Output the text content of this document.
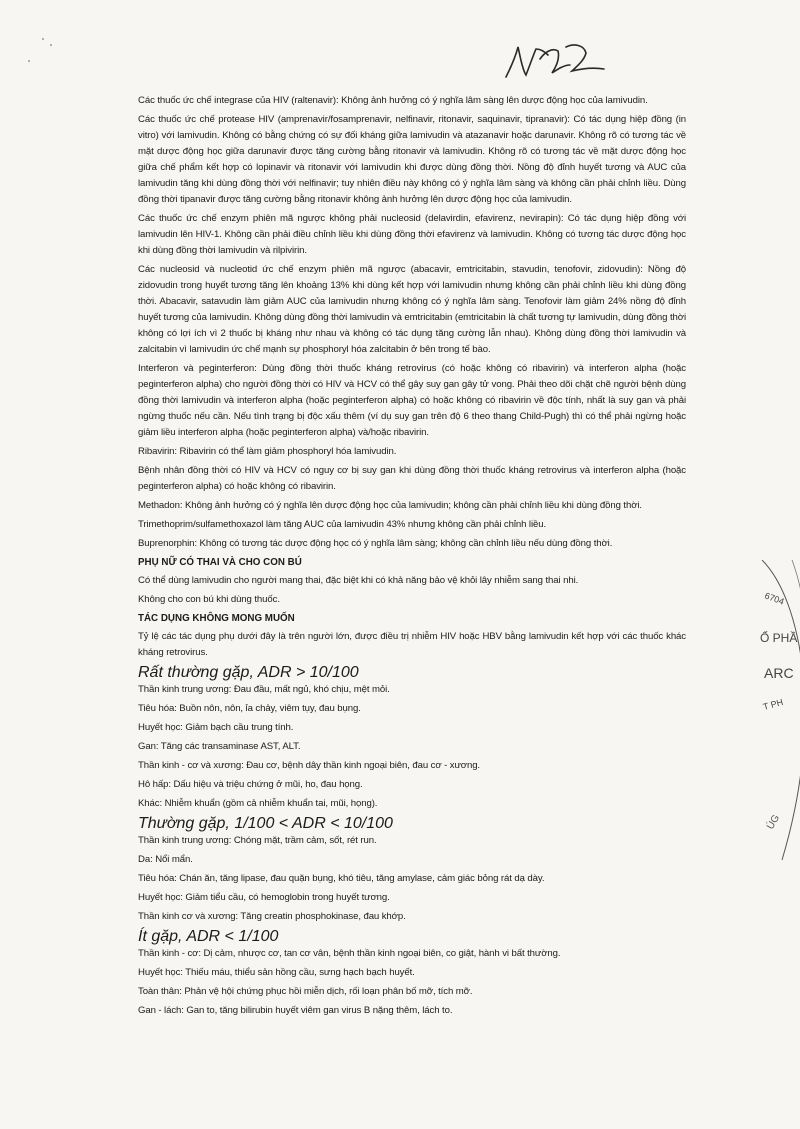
6704
Ổ PHẦ
ARC
T PH
ÚG
Các thuốc ức chế integrase của HIV (raltenavir): Không ảnh hưởng có ý nghĩa lâm sàng lên dược động học của lamivudin.
Các thuốc ức chế protease HIV (amprenavir/fosamprenavir, nelfinavir, ritonavir, saquinavir, tipranavir): Có tác dụng hiệp đồng (in vitro) với lamivudin. Không có bằng chứng có sự đối kháng giữa lamivudin và atazanavir hoặc darunavir. Không rõ có tương tác về mặt dược động học giữa darunavir được tăng cường bằng ritonavir và lamivudin. Không rõ có tương tác về mặt dược động học giữa chế phẩm kết hợp có lopinavir và ritonavir với lamivudin khi được dùng đồng thời. Nồng độ đỉnh huyết tương và AUC của lamivudin tăng khi dùng đồng thời với nelfinavir; tuy nhiên điều này không có ý nghĩa lâm sàng và không cần phải chỉnh liều. Dùng đồng thời tipanavir được tăng cường bằng ritonavir không ảnh hưởng lên dược động học của lamivudin.
Các thuốc ức chế enzym phiên mã ngược không phải nucleosid (delavirdin, efavirenz, nevirapin): Có tác dụng hiệp đồng với lamivudin lên HIV-1. Không cần phải điều chỉnh liều khi dùng đồng thời efavirenz và lamivudin. Không có tương tác dược động học khi dùng đồng thời lamivudin và rilpivirin.
Các nucleosid và nucleotid ức chế enzym phiên mã ngược (abacavir, emtricitabin, stavudin, tenofovir, zidovudin): Nồng độ zidovudin trong huyết tương tăng lên khoảng 13% khi dùng kết hợp với lamivudin nhưng không cần phải chỉnh liều khi dùng đồng thời. Abacavir, satavudin làm giảm AUC của lamivudin nhưng không có ý nghĩa lâm sàng. Tenofovir làm giảm 24% nồng độ đỉnh huyết tương của lamivudin. Không dùng đồng thời lamivudin và emtricitabin (emtricitabin là chất tương tự lamivudin, dùng đồng thời không có lợi ích vì 2 thuốc bị kháng như nhau và không có tác dụng tăng cường lẫn nhau). Không dùng đồng thời lamivudin và zalcitabin vì lamivudin ức chế mạnh sự phosphoryl hóa zalcitabin ở bên trong tế bào.
Interferon và peginterferon: Dùng đồng thời thuốc kháng retrovirus (có hoặc không có ribavirin) và interferon alpha (hoặc peginterferon alpha) cho người đồng thời có HIV và HCV có thể gây suy gan gây tử vong. Phải theo dõi chặt chẽ người bệnh dùng đồng thời lamivudin và interferon alpha (hoặc peginterferon alpha) có hoặc không có ribavirin về độc tính, nhất là suy gan và phải ngừng thuốc nếu cần. Nếu tình trạng bị độc xấu thêm (ví dụ suy gan trên độ 6 theo thang Child-Pugh) thì có thể phải ngừng hoặc giảm liều interferon alpha (hoặc peginterferon alpha) và/hoặc ribavirin.
Ribavirin: Ribavirin có thể làm giảm phosphoryl hóa lamivudin.
Bệnh nhân đồng thời có HIV và HCV có nguy cơ bị suy gan khi dùng đồng thời thuốc kháng retrovirus và interferon alpha (hoặc peginterferon alpha) có hoặc không có ribavirin.
Methadon: Không ảnh hưởng có ý nghĩa lên dược động học của lamivudin; không cần phải chỉnh liều khi dùng đồng thời.
Trimethoprim/sulfamethoxazol làm tăng AUC của lamivudin 43% nhưng không cần phải chỉnh liều.
Buprenorphin: Không có tương tác dược động học có ý nghĩa lâm sàng; không cần chỉnh liều nếu dùng đồng thời.
PHỤ NỮ CÓ THAI VÀ CHO CON BÚ
Có thể dùng lamivudin cho người mang thai, đặc biệt khi có khả năng bảo vệ khỏi lây nhiễm sang thai nhi.
Không cho con bú khi dùng thuốc.
TÁC DỤNG KHÔNG MONG MUỐN
Tỷ lệ các tác dụng phụ dưới đây là trên người lớn, được điều trị nhiễm HIV hoặc HBV bằng lamivudin kết hợp với các thuốc khác kháng retrovirus.
Rất thường gặp, ADR > 10/100
Thần kinh trung ương: Đau đầu, mất ngủ, khó chịu, mệt mỏi.
Tiêu hóa: Buồn nôn, nôn, ỉa chảy, viêm tụy, đau bụng.
Huyết học: Giảm bạch cầu trung tính.
Gan: Tăng các transaminase AST, ALT.
Thần kinh - cơ và xương: Đau cơ, bệnh dây thần kinh ngoại biên, đau cơ - xương.
Hô hấp: Dấu hiệu và triệu chứng ở mũi, ho, đau họng.
Khác: Nhiễm khuẩn (gồm cả nhiễm khuẩn tai, mũi, họng).
Thường gặp, 1/100 < ADR < 10/100
Thần kinh trung ương: Chóng mặt, trầm cảm, sốt, rét run.
Da: Nổi mẩn.
Tiêu hóa: Chán ăn, tăng lipase, đau quặn bụng, khó tiêu, tăng amylase, cảm giác bỏng rát dạ dày.
Huyết học: Giảm tiểu cầu, có hemoglobin trong huyết tương.
Thần kinh cơ và xương: Tăng creatin phosphokinase, đau khớp.
Ít gặp, ADR < 1/100
Thần kinh - cơ: Dị cảm, nhược cơ, tan cơ vân, bệnh thần kinh ngoại biên, co giật, hành vi bất thường.
Huyết học: Thiếu máu, thiểu sản hồng cầu, sưng hạch bạch huyết.
Toàn thân: Phản vệ hội chứng phục hồi miễn dịch, rối loạn phân bố mỡ, tích mỡ.
Gan - lách: Gan to, tăng bilirubin huyết viêm gan virus B nặng thêm, lách to.
